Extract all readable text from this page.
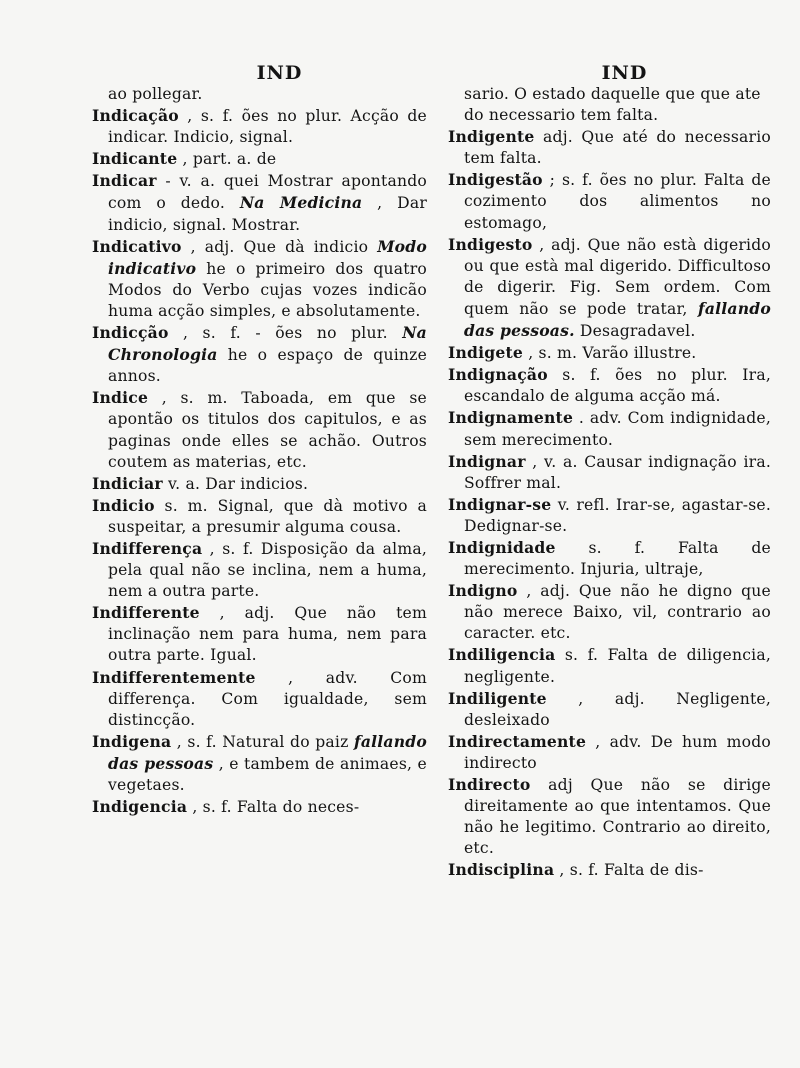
IND

ao pollegar.

Indicação , s. f. ões no plur. Acção de indicar. Indicio, signal.

Indicante , part. a. de

Indicar - v. a. quei Mostrar apontando com o dedo. Na Medicina , Dar indicio, signal. Mostrar.

Indicativo , adj. Que dà indicio Modo indicativo he o primeiro dos quatro Modos do Verbo cujas vozes indicão huma acção simples, e absolutamente.

Indicção , s. f. - ões no plur. Na Chronologia he o espaço de quinze annos.

Indice , s. m. Taboada, em que se apontão os titulos dos capitulos, e as paginas onde elles se achão. Outros coutem as materias, etc.

Indiciar v. a. Dar indicios.

Indicio s. m. Signal, que dà motivo a suspeitar, a presumir alguma cousa.

Indifferença , s. f. Disposição da alma, pela qual não se inclina, nem a huma, nem a outra parte.

Indifferente , adj. Que não tem inclinação nem para huma, nem para outra parte. Igual.

Indifferentemente , adv. Com differença. Com igualdade, sem distincção.

Indigena , s. f. Natural do paiz fallando das pessoas , e tambem de animaes, e vegetaes.

Indigencia , s. f. Falta do neces-

IND

sario. O estado daquelle que que ate do necessario tem falta.

Indigente adj. Que até do necessario tem falta.

Indigestão ; s. f. ões no plur. Falta de cozimento dos alimentos no estomago,

Indigesto , adj. Que não està digerido ou que està mal digerido. Difficultoso de digerir. Fig. Sem ordem. Com quem não se pode tratar, fallando das pessoas. Desagradavel.

Indigete , s. m. Varão illustre.

Indignação s. f. ões no plur. Ira, escandalo de alguma acção má.

Indignamente . adv. Com indignidade, sem merecimento.

Indignar , v. a. Causar indignação ira. Soffrer mal.

Indignar-se v. refl. Irar-se, agastar-se. Dedignar-se.

Indignidade s. f. Falta de merecimento. Injuria, ultraje,

Indigno , adj. Que não he digno que não merece Baixo, vil, contrario ao caracter. etc.

Indiligencia s. f. Falta de diligencia, negligente.

Indiligente , adj. Negligente, desleixado

Indirectamente , adv. De hum modo indirecto

Indirecto adj Que não se dirige direitamente ao que intentamos. Que não he legitimo. Contrario ao direito, etc.

Indisciplina , s. f. Falta de dis-
